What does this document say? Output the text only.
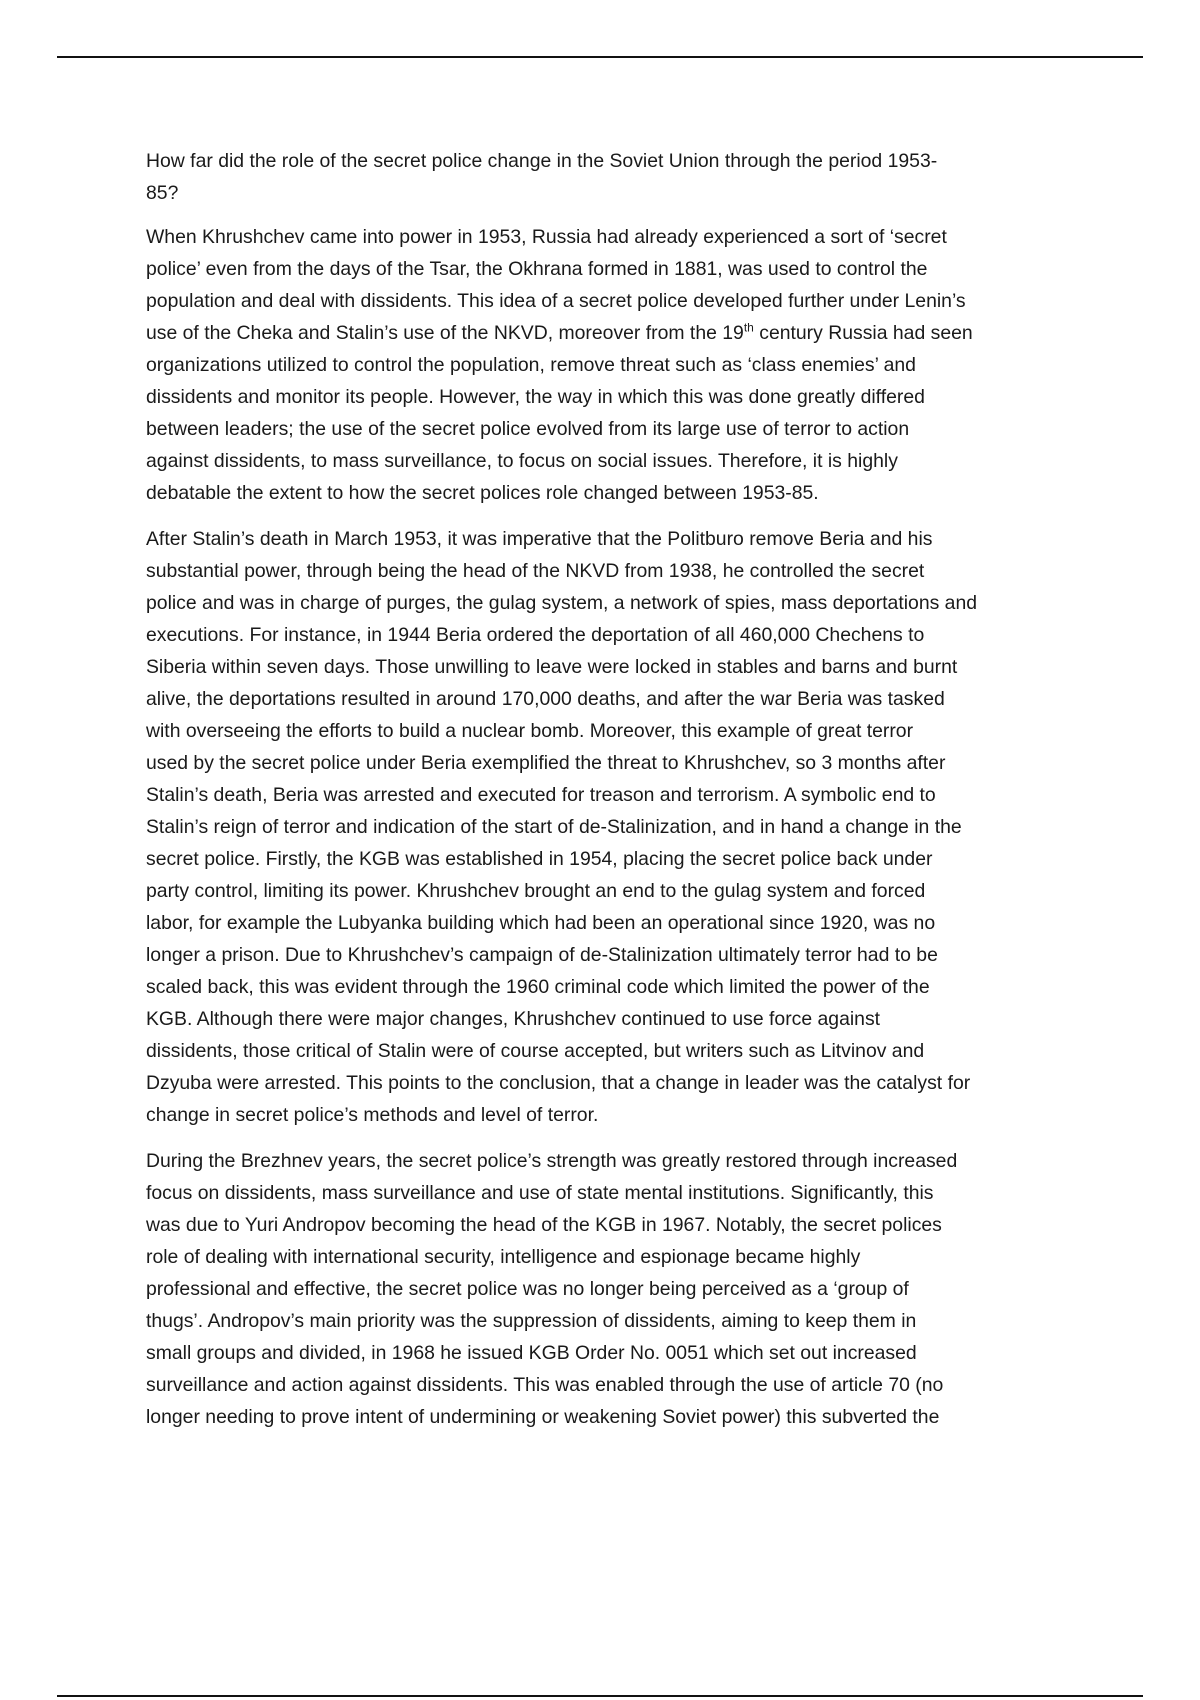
How far did the role of the secret police change in the Soviet Union through the period 1953-
85?

When Khrushchev came into power in 1953, Russia had already experienced a sort of ‘secret
police’ even from the days of the Tsar, the Okhrana formed in 1881, was used to control the
population and deal with dissidents. This idea of a secret police developed further under Lenin’s
use of the Cheka and Stalin’s use of the NKVD, moreover from the 19th century Russia had seen
organizations utilized to control the population, remove threat such as ‘class enemies’ and
dissidents and monitor its people. However, the way in which this was done greatly differed
between leaders; the use of the secret police evolved from its large use of terror to action
against dissidents, to mass surveillance, to focus on social issues. Therefore, it is highly
debatable the extent to how the secret polices role changed between 1953-85.

After Stalin’s death in March 1953, it was imperative that the Politburo remove Beria and his
substantial power, through being the head of the NKVD from 1938, he controlled the secret
police and was in charge of purges, the gulag system, a network of spies, mass deportations and
executions. For instance, in 1944 Beria ordered the deportation of all 460,000 Chechens to
Siberia within seven days. Those unwilling to leave were locked in stables and barns and burnt
alive, the deportations resulted in around 170,000 deaths, and after the war Beria was tasked
with overseeing the efforts to build a nuclear bomb. Moreover, this example of great terror
used by the secret police under Beria exemplified the threat to Khrushchev, so 3 months after
Stalin’s death, Beria was arrested and executed for treason and terrorism. A symbolic end to
Stalin’s reign of terror and indication of the start of de-Stalinization, and in hand a change in the
secret police. Firstly, the KGB was established in 1954, placing the secret police back under
party control, limiting its power. Khrushchev brought an end to the gulag system and forced
labor, for example the Lubyanka building which had been an operational since 1920, was no
longer a prison. Due to Khrushchev’s campaign of de-Stalinization ultimately terror had to be
scaled back, this was evident through the 1960 criminal code which limited the power of the
KGB. Although there were major changes, Khrushchev continued to use force against
dissidents, those critical of Stalin were of course accepted, but writers such as Litvinov and
Dzyuba were arrested. This points to the conclusion, that a change in leader was the catalyst for
change in secret police’s methods and level of terror.

During the Brezhnev years, the secret police’s strength was greatly restored through increased
focus on dissidents, mass surveillance and use of state mental institutions. Significantly, this
was due to Yuri Andropov becoming the head of the KGB in 1967. Notably, the secret polices
role of dealing with international security, intelligence and espionage became highly
professional and effective, the secret police was no longer being perceived as a ‘group of
thugs’. Andropov’s main priority was the suppression of dissidents, aiming to keep them in
small groups and divided, in 1968 he issued KGB Order No. 0051 which set out increased
surveillance and action against dissidents. This was enabled through the use of article 70 (no
longer needing to prove intent of undermining or weakening Soviet power) this subverted the
